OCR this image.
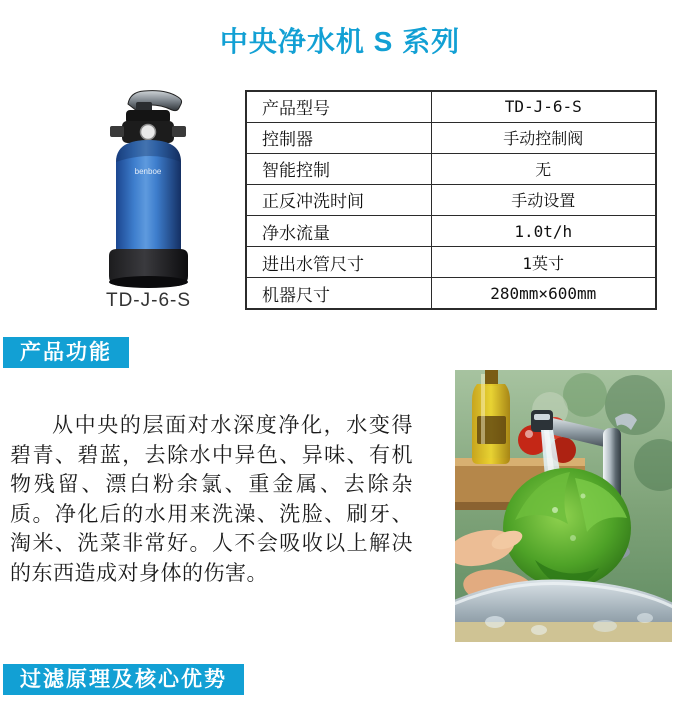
中央净水机 S 系列
benboe
TD-J-6-S
产品型号	TD-J-6-S
控制器	手动控制阀
智能控制	无
正反冲洗时间	手动设置
净水流量	1.0t/h
进出水管尺寸	1英寸
机器尺寸	280mm×600mm
产品功能
从中央的层面对水深度净化，水变得碧青、碧蓝，去除水中异色、异味、有机物残留、漂白粉余氯、重金属、去除杂质。净化后的水用来洗澡、洗脸、刷牙、淘米、洗菜非常好。人不会吸收以上解决的东西造成对身体的伤害。
过滤原理及核心优势
